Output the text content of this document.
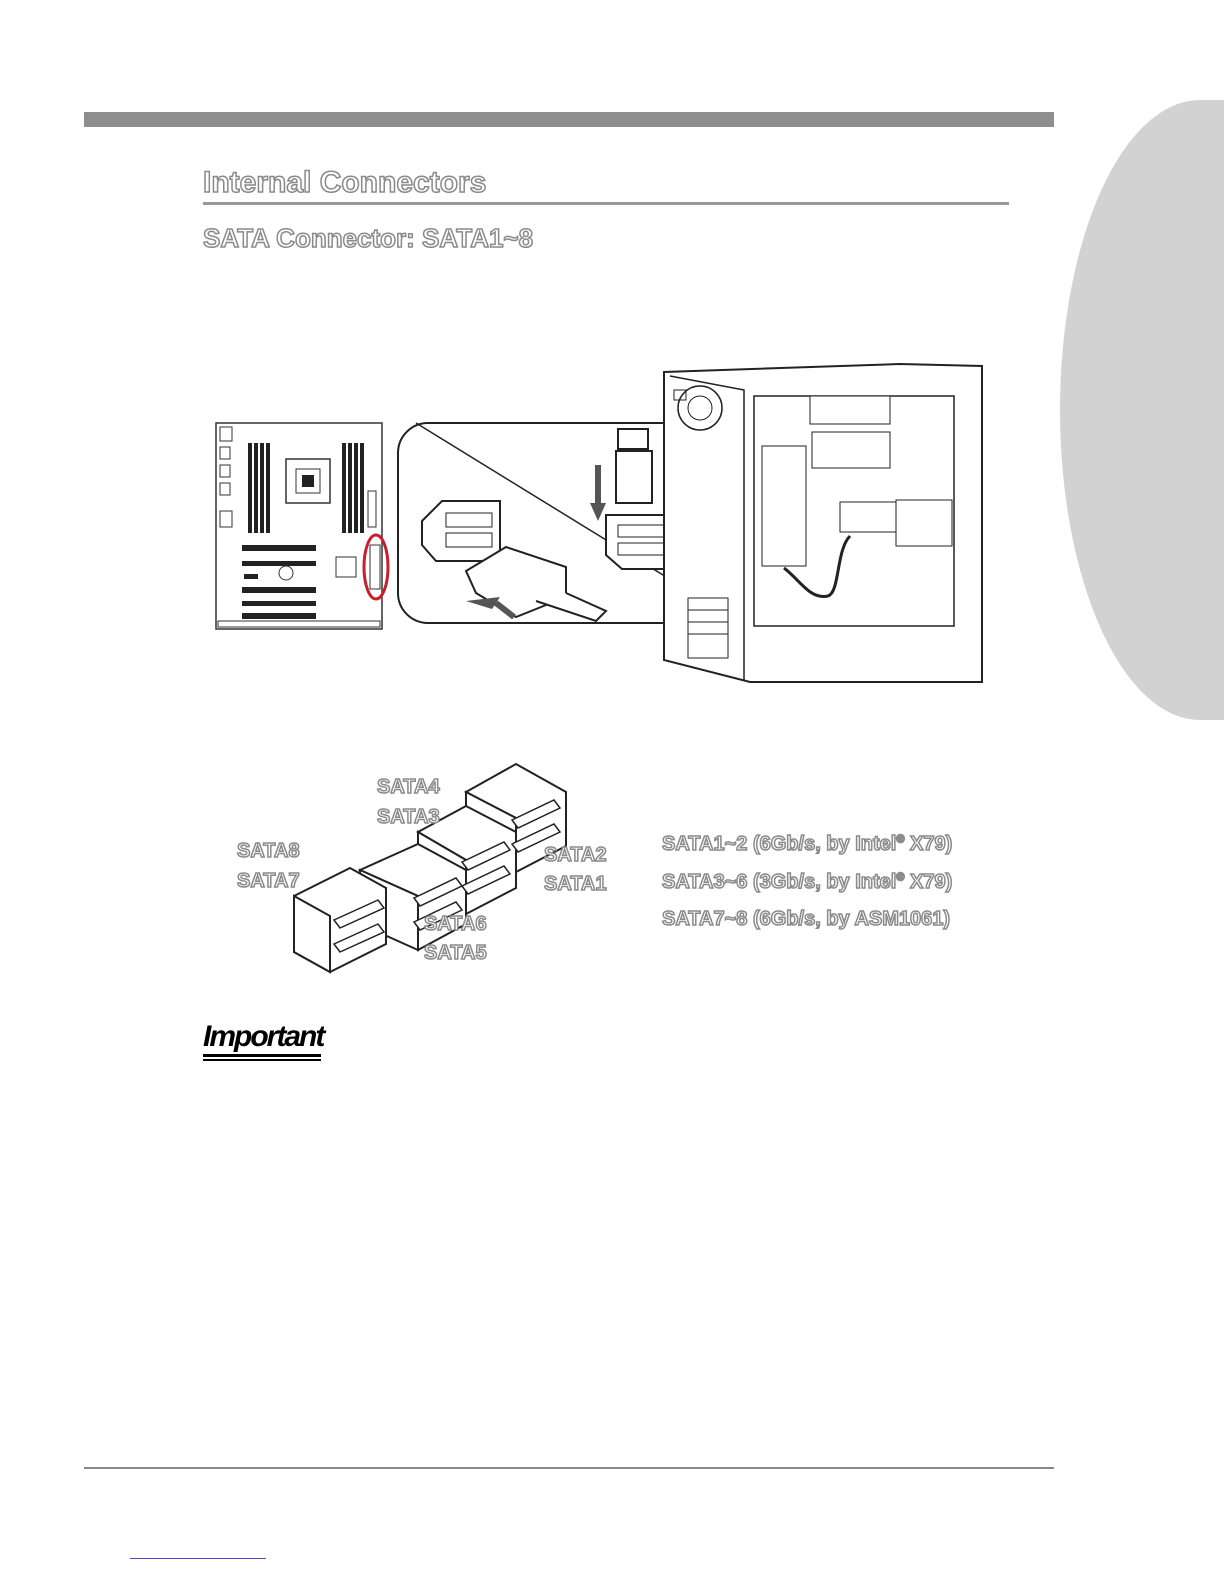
Internal Connectors
SATA Connector: SATA1~8
SATA4
SATA3
SATA8
SATA7
SATA2
SATA1
SATA6
SATA5
SATA1~2 (6Gb/s, by Intel® X79)
SATA3~6 (3Gb/s, by Intel® X79)
SATA7~8 (6Gb/s, by ASM1061)
Important
